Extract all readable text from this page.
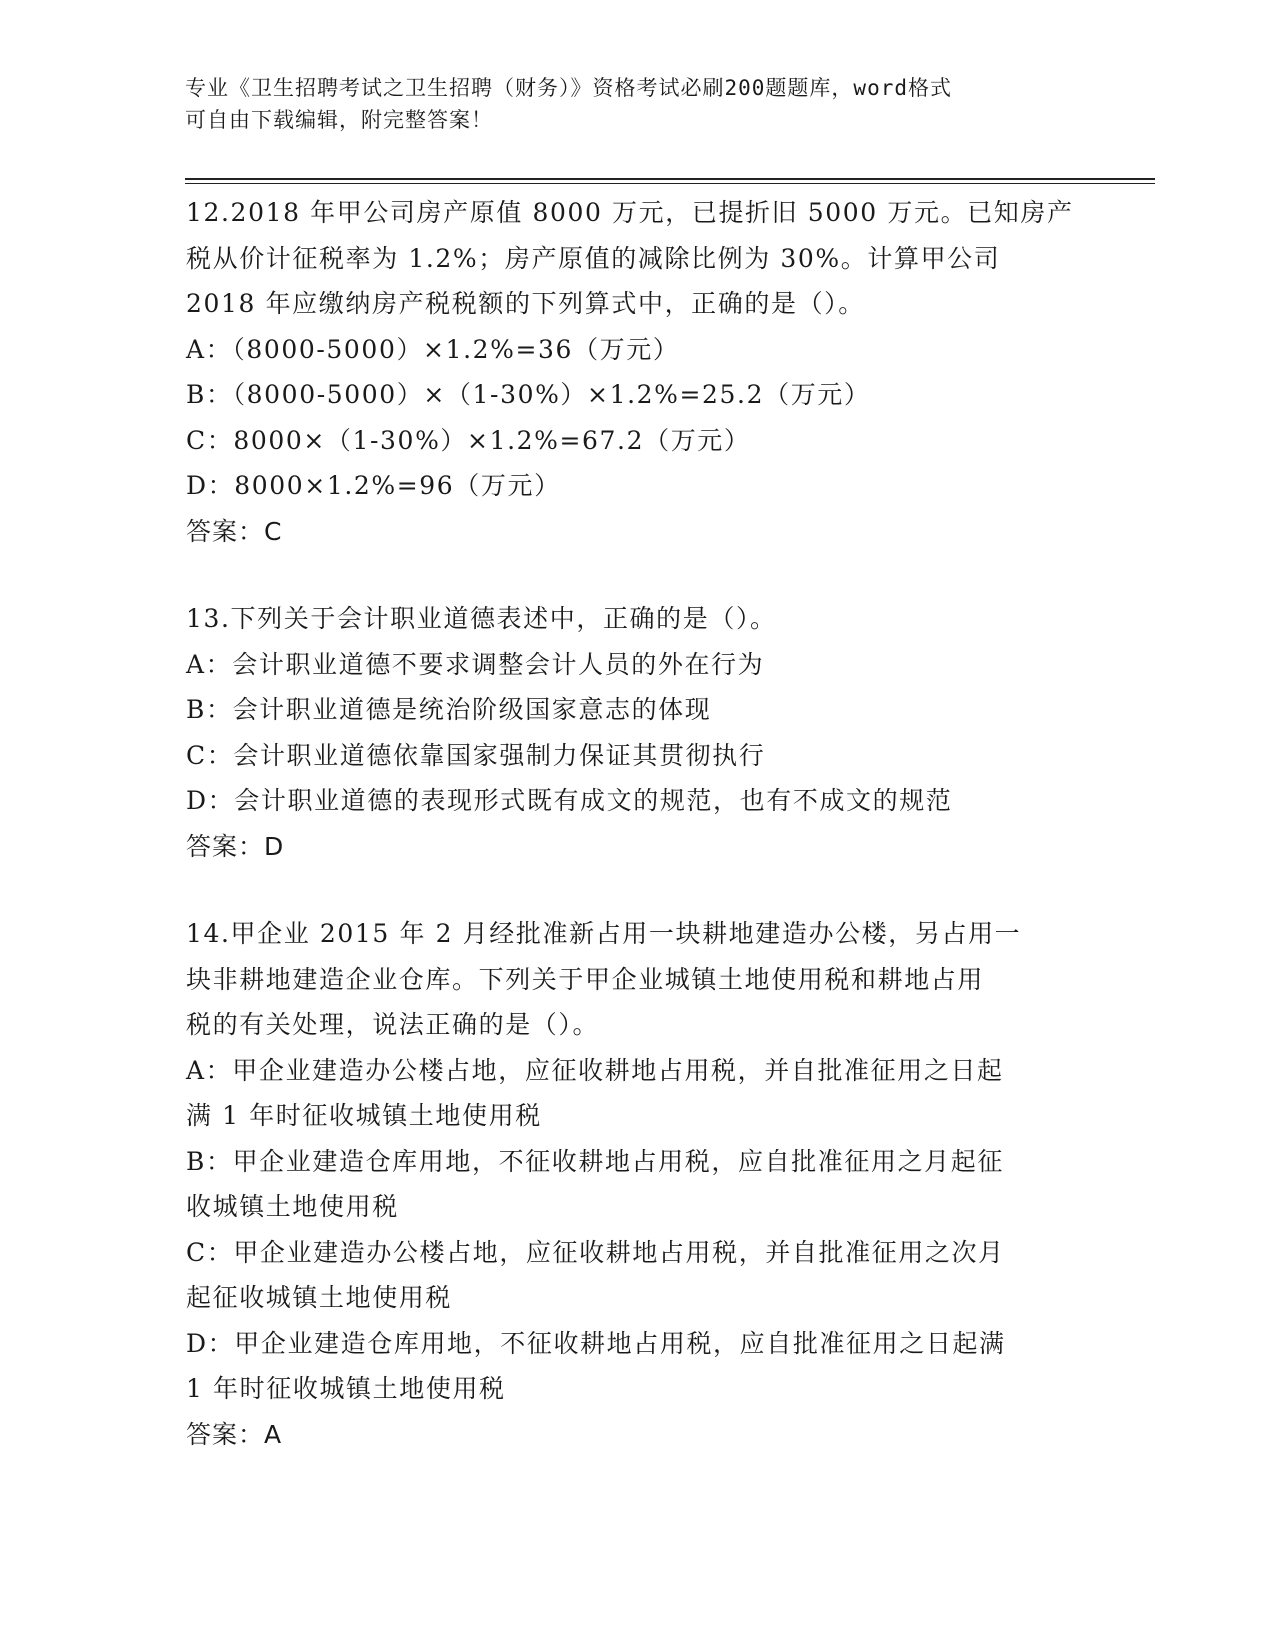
专业《卫生招聘考试之卫生招聘（财务）》资格考试必刷200题题库，word格式
可自由下载编辑，附完整答案！
12.2018 年甲公司房产原值 8000 万元，已提折旧 5000 万元。已知房产
税从价计征税率为 1.2%；房产原值的减除比例为 30%。计算甲公司
2018 年应缴纳房产税税额的下列算式中，正确的是（）。
A：（8000-5000）×1.2%=36（万元）
B：（8000-5000）×（1-30%）×1.2%=25.2（万元）
C：8000×（1-30%）×1.2%=67.2（万元）
D：8000×1.2%=96（万元）
答案：C
13.下列关于会计职业道德表述中，正确的是（）。
A：会计职业道德不要求调整会计人员的外在行为
B：会计职业道德是统治阶级国家意志的体现
C：会计职业道德依靠国家强制力保证其贯彻执行
D：会计职业道德的表现形式既有成文的规范，也有不成文的规范
答案：D
14.甲企业 2015 年 2 月经批准新占用一块耕地建造办公楼，另占用一
块非耕地建造企业仓库。下列关于甲企业城镇土地使用税和耕地占用
税的有关处理，说法正确的是（）。
A：甲企业建造办公楼占地，应征收耕地占用税，并自批准征用之日起
满 1 年时征收城镇土地使用税
B：甲企业建造仓库用地，不征收耕地占用税，应自批准征用之月起征
收城镇土地使用税
C：甲企业建造办公楼占地，应征收耕地占用税，并自批准征用之次月
起征收城镇土地使用税
D：甲企业建造仓库用地，不征收耕地占用税，应自批准征用之日起满
1 年时征收城镇土地使用税
答案：A
